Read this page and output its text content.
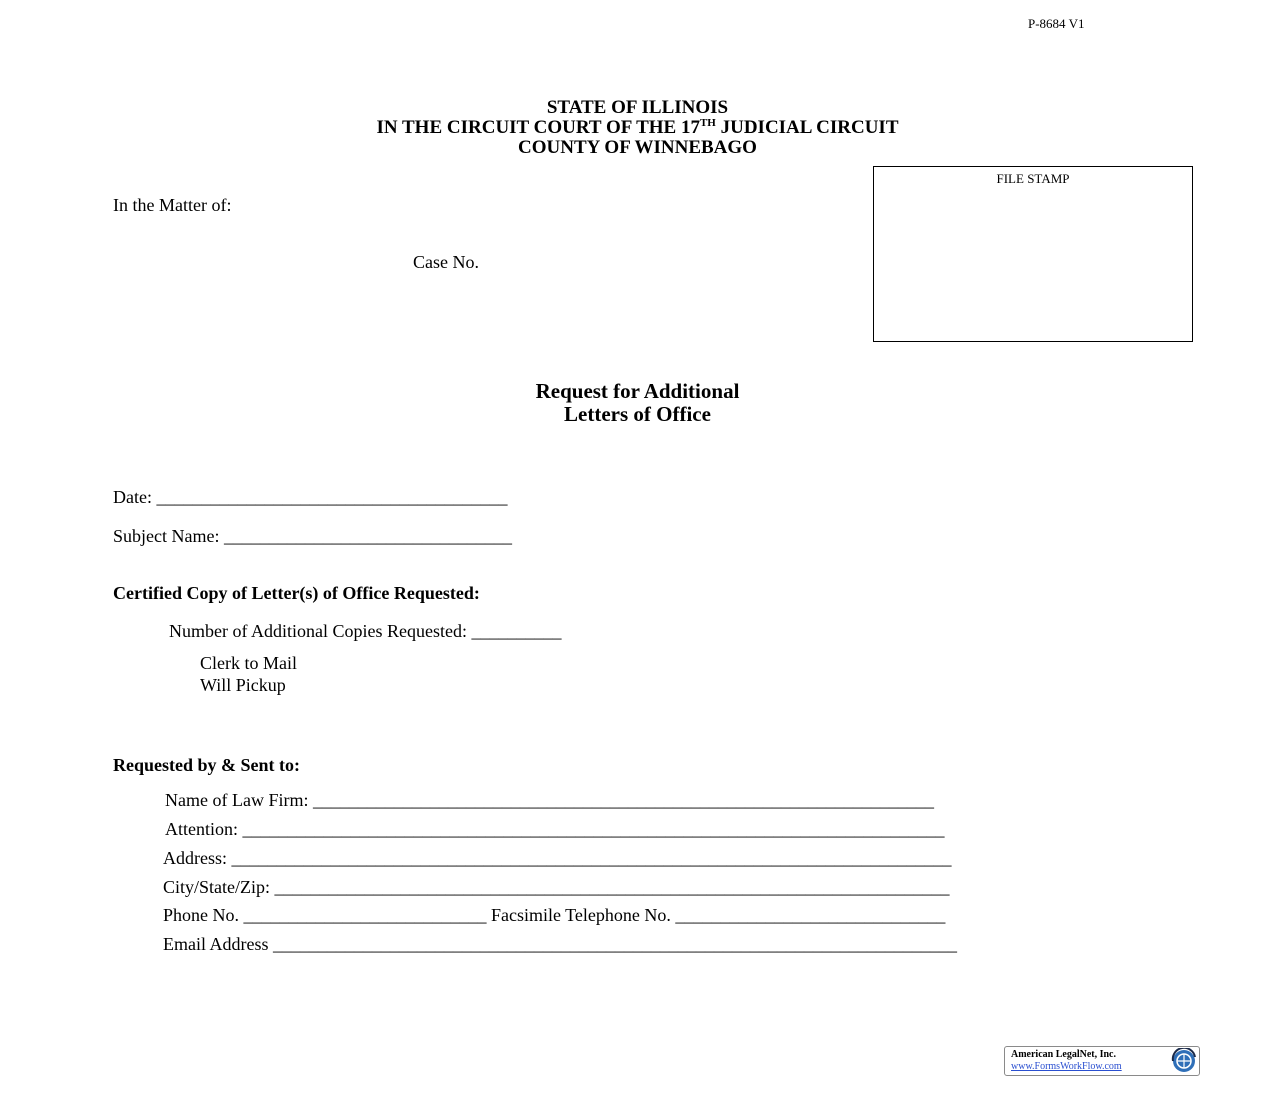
P-8684 V1
STATE OF ILLINOIS
IN THE CIRCUIT COURT OF THE 17TH JUDICIAL CIRCUIT
COUNTY OF WINNEBAGO
FILE STAMP
In the Matter of:
Case No.
Request for Additional
Letters of Office
Date: _______________________________________
Subject Name: ________________________________
Certified Copy of Letter(s) of Office Requested:
Number of Additional Copies Requested: __________
Clerk to Mail
Will Pickup
Requested by & Sent to:
Name of Law Firm: _____________________________________________________________________
Attention: ______________________________________________________________________________
Address: ________________________________________________________________________________
City/State/Zip: ___________________________________________________________________________
Phone No. ___________________________ Facsimile Telephone No. ______________________________
Email Address ____________________________________________________________________________
American LegalNet, Inc.
www.FormsWorkFlow.com
